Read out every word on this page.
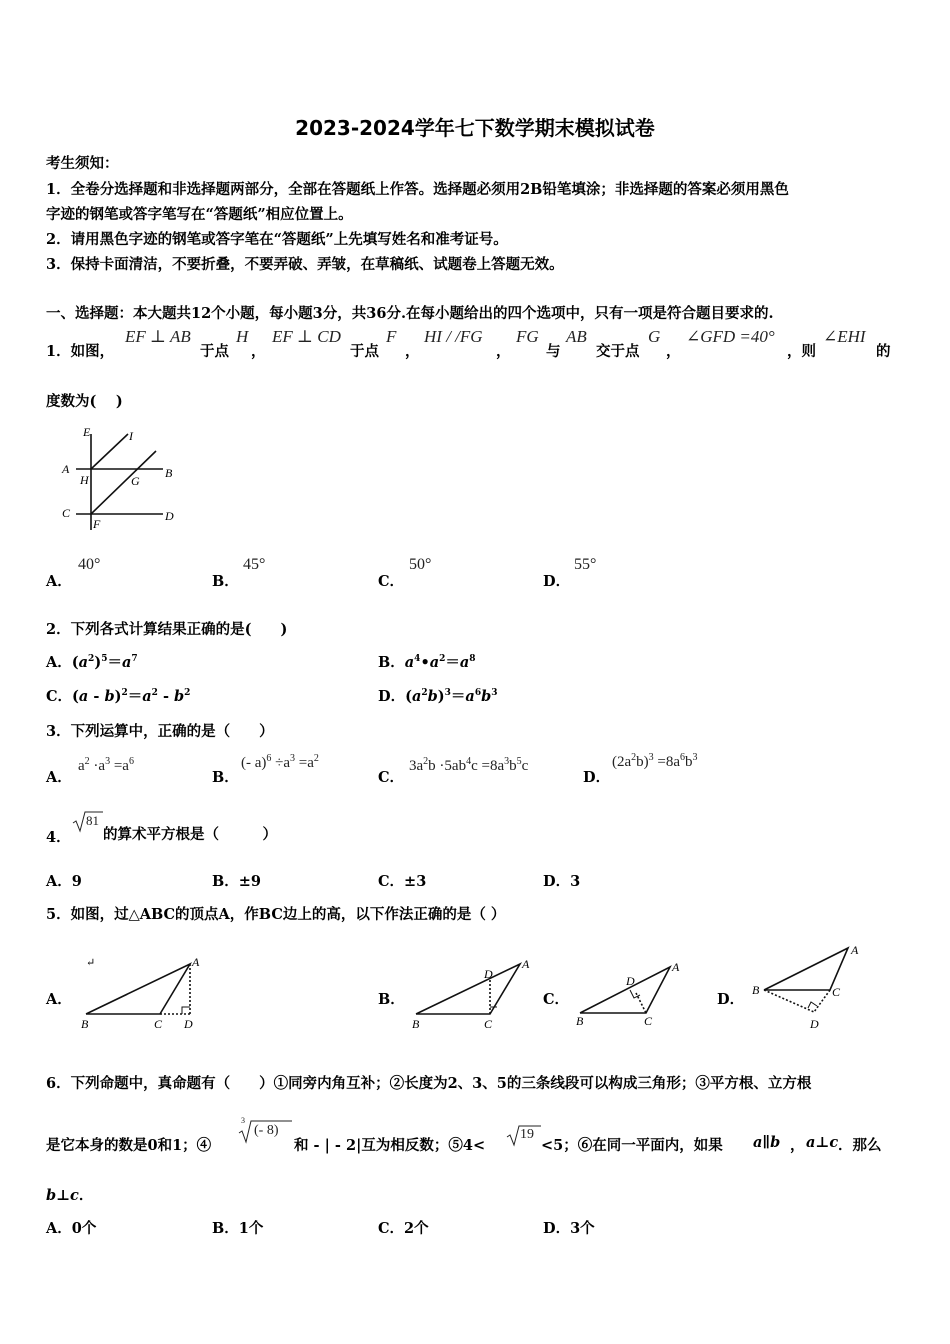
2023-2024学年七下数学期末模拟试卷
考生须知：
1．全卷分选择题和非选择题两部分，全部在答题纸上作答。选择题必须用2B铅笔填涂；非选择题的答案必须用黑色
字迹的钢笔或答字笔写在“答题纸”相应位置上。
2．请用黑色字迹的钢笔或答字笔在“答题纸”上先填写姓名和准考证号。
3．保持卡面清洁，不要折叠，不要弄破、弄皱，在草稿纸、试题卷上答题无效。
一、选择题：本大题共12个小题，每小题3分，共36分.在每小题给出的四个选项中，只有一项是符合题目要求的.
1．如图，
EF ⊥ AB
于点
H
，
EF ⊥ CD
于点
F
，
HI / /FG
，
FG
与
AB
交于点
G
，
∠GFD =40°
，则
∠EHI
的
度数为(　 )
E	I
A	B
H	G
C	D
F
A．
40°
B．
45°
C．
50°
D．
55°
2．下列各式计算结果正确的是(　　)
A．$(a^2)^5=a^7$	B．$a^4•a^2=a^8$
C．$(a - b)^2=a^2 - b^2$	D．$(a^2b)^3=a^6b^3$
3．下列运算中，正确的是（　　）
A．
$a^2 \cdot a^3 =a^6$
B．
(- $a)^6 \div a^3 =a^2$
C．
$3a^2b \cdot 5ab^4c =8a^3b^5c$
D．
$(2a^2b)^3 =8a^6b^3$
4．
81
的算术平方根是（　　　）
A．9	B．±9	C．±3	D．3
5．如图，过△ABC的顶点A，作BC边上的高，以下作法正确的是（ ）
A．	B．	C．	D．
↵	A
B	C D
A
D
B	C
A
D
B	C
A
B	C
D
6．下列命题中，真命题有（　　）①同旁内角互补；②长度为2、3、5的三条线段可以构成三角形；③平方根、立方根
是它本身的数是0和1；④
3
(- 8)
和 - | - 2|互为相反数；⑤4<
19
<5；⑥在同一平面内，如果 a∥b ， a⊥c ．那么
b⊥c．
A．0个	B．1个	C．2个	D．3个
